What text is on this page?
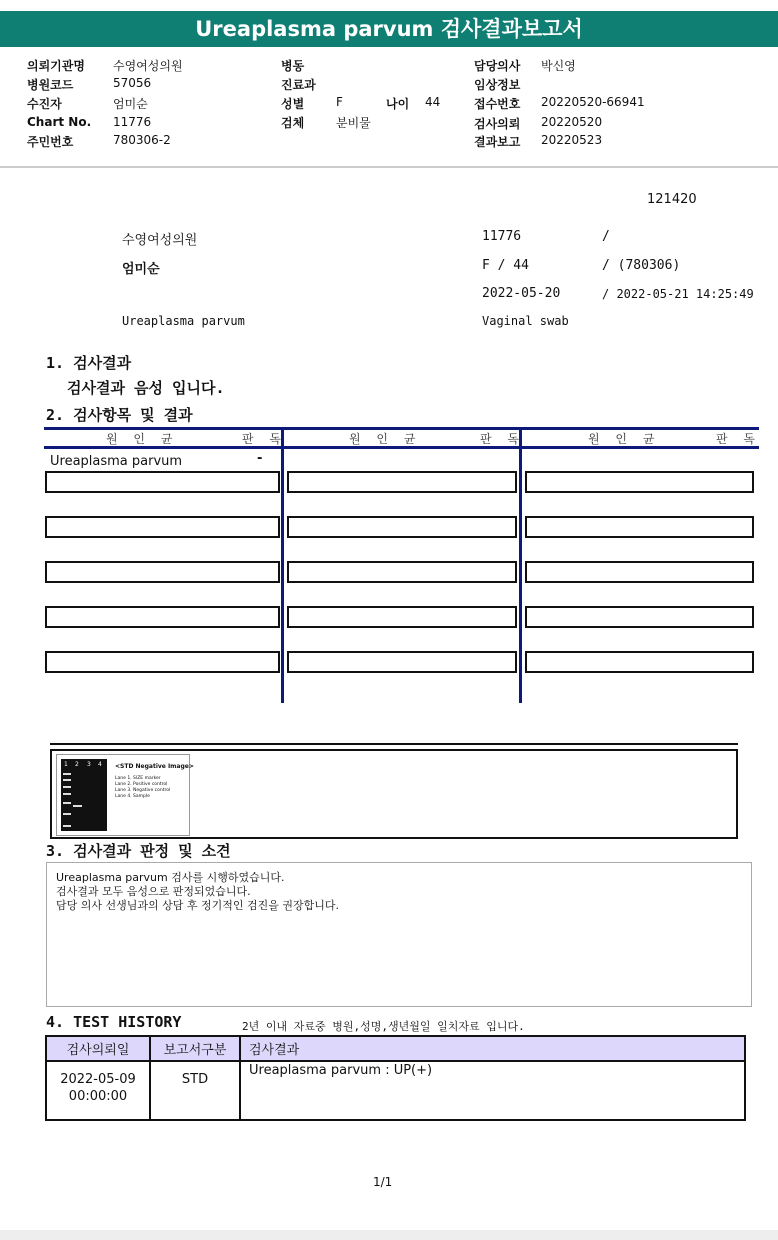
Ureaplasma parvum 검사결과보고서
의뢰기관명 수영여성의원
병원코드	57056
수진자	엄미순
Chart No. 11776
주민번호	780306-2
병동
진료과
성별	F	나이 44
검체	분비물
담당의사 박신영
임상정보
접수번호 20220520-66941
검사의뢰 20220520
결과보고 20220523
121420
수영여성의원	11776	/
엄미순	F / 44	/ (780306)
2022-05-20	/ 2022-05-21 14:25:49
Ureaplasma parvum	Vaginal swab
1. 검사결과
검사결과 음성 입니다.
2. 검사항목 및 결과
원 인 균	판 독	원 인 균	판 독	원 인 균	판 독
Ureaplasma parvum	-
1 2 3 4 <STD Negative Image>
Lane 1. SIZE marker
Lane 2. Positive control
Lane 3. Negative control
Lane 4. Sample
3. 검사결과 판정 및 소견
Ureaplasma parvum 검사를 시행하였습니다.
검사결과 모두 음성으로 판정되었습니다.
담당 의사 선생님과의 상담 후 정기적인 검진을 권장합니다.
4. TEST HISTORY	2년 이내 자료중 병원,성명,생년월일 일치자료 입니다.
검사의뢰일	보고서구분	검사결과

2022-05-09
00:00:00	STD	Ureaplasma parvum : UP(+)
1/1
